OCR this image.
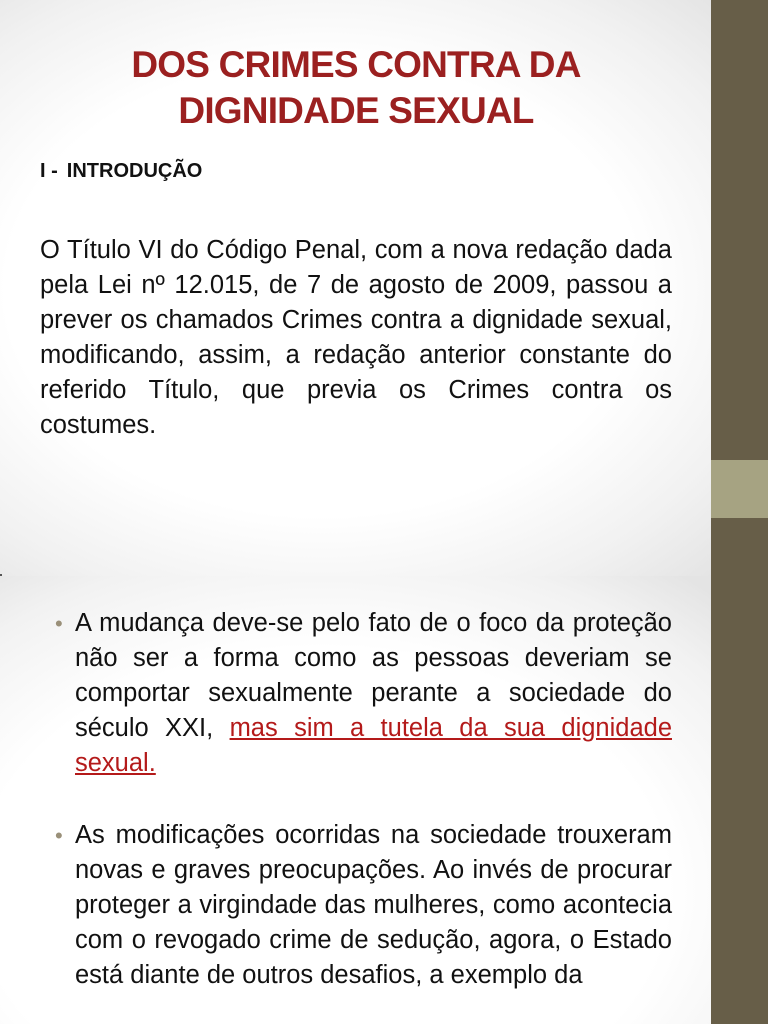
DOS CRIMES CONTRA DA
DIGNIDADE SEXUAL
I - INTRODUÇÃO

O Título VI do Código Penal, com a nova redação dada pela Lei nº 12.015, de 7 de agosto de 2009, passou a prever os chamados Crimes contra a dignidade sexual, modificando, assim, a redação anterior constante do referido Título, que previa os Crimes contra os costumes.

• A mudança deve-se pelo fato de o foco da proteção não ser a forma como as pessoas deveriam se comportar sexualmente perante a sociedade do século XXI, mas sim a tutela da sua dignidade sexual.
• As modificações ocorridas na sociedade trouxeram novas e graves preocupações. Ao invés de procurar proteger a virgindade das mulheres, como acontecia com o revogado crime de sedução, agora, o Estado está diante de outros desafios, a exemplo da
